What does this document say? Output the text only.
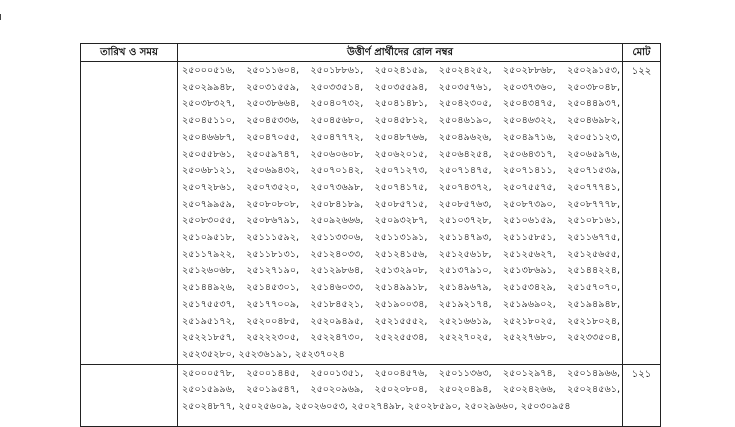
তারিখ ও সময়	উত্তীর্ণ প্রার্থীদের রোল নম্বর	মোট
	২৫০০০৫১৬, ২৫০১১৬০৪, ২৫০১৮৮৬১, ২৫০২৪১৫৯, ২৫০২৪২৫২, ২৫০২৮৮৬৮, ২৫০২৯১৫৩, ২৫০২৯৯৪৮, ২৫০৩১৫৫৯, ২৫০৩৩৫১৪, ২৫০৩৫৫৯৪, ২৫০৩৫৭৬১, ২৫০৩৭৩৬০, ২৫০৩৮০৪৮, ২৫০৩৮৩২৭, ২৫০৩৮৬৬৪, ২৫০৪০৭৩২, ২৫০৪১৪৮১, ২৫০৪২৩০৫, ২৫০৪৩৪৭৫, ২৫০৪৪৯৩৭, ২৫০৪৫১১০, ২৫০৪৫৩৩৬, ২৫০৪৫৬৮০, ২৫০৪৫৮১২, ২৫০৪৬১৯০, ২৫০৪৬৩২২, ২৫০৪৬৯৮২, ২৫০৪৬৬৮৭, ২৫০৪৭০৫৫, ২৫০৪৭৭৭২, ২৫০৪৮৭৬৬, ২৫০৪৯৬২৬, ২৫০৪৯৭১৬, ২৫০৫১১২৩, ২৫০৫৫৮৬১, ২৫০৫৯৭৪৭, ২৫০৬০৬০৮, ২৫০৬২০১৫, ২৫০৬৪২৫৪, ২৫০৬৪৩১৭, ২৫০৬৫৯৭৬, ২৫০৬৮১২১, ২৫০৬৯৪৩২, ২৫০৭০১৪২, ২৫০৭১২৭৩, ২৫০৭১৪৭৫, ২৫০৭১৪১১, ২৫০৭১৫৩৯, ২৫০৭২৮৬১, ২৫০৭৩৫২০, ২৫০৭৩৬৯৮, ২৫০৭৪১৭৫, ২৫০৭৪৩৭২, ২৫০৭৫৫৭৫, ২৫০৭৭৭৪১, ২৫০৭৯৯৫৯, ২৫০৮০৮০৮, ২৫০৮৪১৮৯, ২৫০৮৫৭১৫, ২৫০৮৫৭৬৩, ২৫০৮৭৩৯০, ২৫০৮৭৭৭৮, ২৫০৮৩০৫৫, ২৫০৮৬৭৯১, ২৫০৯২৬৬৬, ২৫০৯৩২৮৭, ২৫১০৩৭২৮, ২৫১০৬১৫৯, ২৫১০৮১৬১, ২৫১০৯৫১৮, ২৫১১১৫৯২, ২৫১১৩৩০৬, ২৫১১৩১৯১, ২৫১১৪৭৯৩, ২৫১১৫৮৫১, ২৫১১৬৭৭৫, ২৫১১৭৯২২, ২৫১১৮১৩১, ২৫১২৪০৩৩, ২৫১২৪১৫৬, ২৫১২৫৬১৮, ২৫১২৫৬২৭, ২৫১২৫৬৫৫, ২৫১২৬০৬৮, ২৫১২৭১৯০, ২৫১২৯৮৬৪, ২৫১৩২৯০৮, ২৫১৩৭৯১০, ২৫১৩৮৬৯১, ২৫১৪৪২২৪, ২৫১৪৪৯২৬, ২৫১৪৫৩০১, ২৫১৪৬০৩৩, ২৫১৪৯৯১৮, ২৫১৪৯৬৭৯, ২৫১৫৩৪২৯, ২৫১৫৭০৭০, ২৫১৭৫৫৩৭, ২৫১৭৭০০৯, ২৫১৮৪৫২১, ২৫১৯০০৩৪, ২৫১৯২১৭৪, ২৫১৯৬৯০২, ২৫১৯৪৯৪৮, ২৫১৯৫১৭২, ২৫২০০৪৮৫, ২৫২০৯৪৯৫, ২৫২১৫৫৫২, ২৫২১৬৬১৯, ২৫২১৮০২৫, ২৫২১৮০২৪, ২৫২২১৮৫৭, ২৫২২২৩০৫, ২৫২২৪৭৩০, ২৫২২৫৫৩৪, ২৫২২৭০২৫, ২৫২২৭৬৮০, ২৫২৩৩৫০৪, ২৫২৩৫২৮০, ২৫২৩৬১৯১, ২৫২৩৭০২৪	১২২
	২৫০০০৫৭৮, ২৫০০১৪৪৫, ২৫০০১৩৫১, ২৫০০৪৫৭৬, ২৫০১১৩৬৩, ২৫০১২৯৭৪, ২৫০১৪৯৬৬, ২৫০১৫৯৯৬, ২৫০১৯৫৪৭, ২৫০২০৯৬৯, ২৫০২০৮০৪, ২৫০২০৪৯৪, ২৫০২৪২৬৬, ২৫০২৪৫৬১, ২৫০২৪৮৭৭, ২৫০২৫৬০৯, ২৫০২৬০৫৩, ২৫০২৭৪৯৮, ২৫০২৮৫৯০, ২৫০২৯৬৬০, ২৫০৩০৯৫৪	১২১
